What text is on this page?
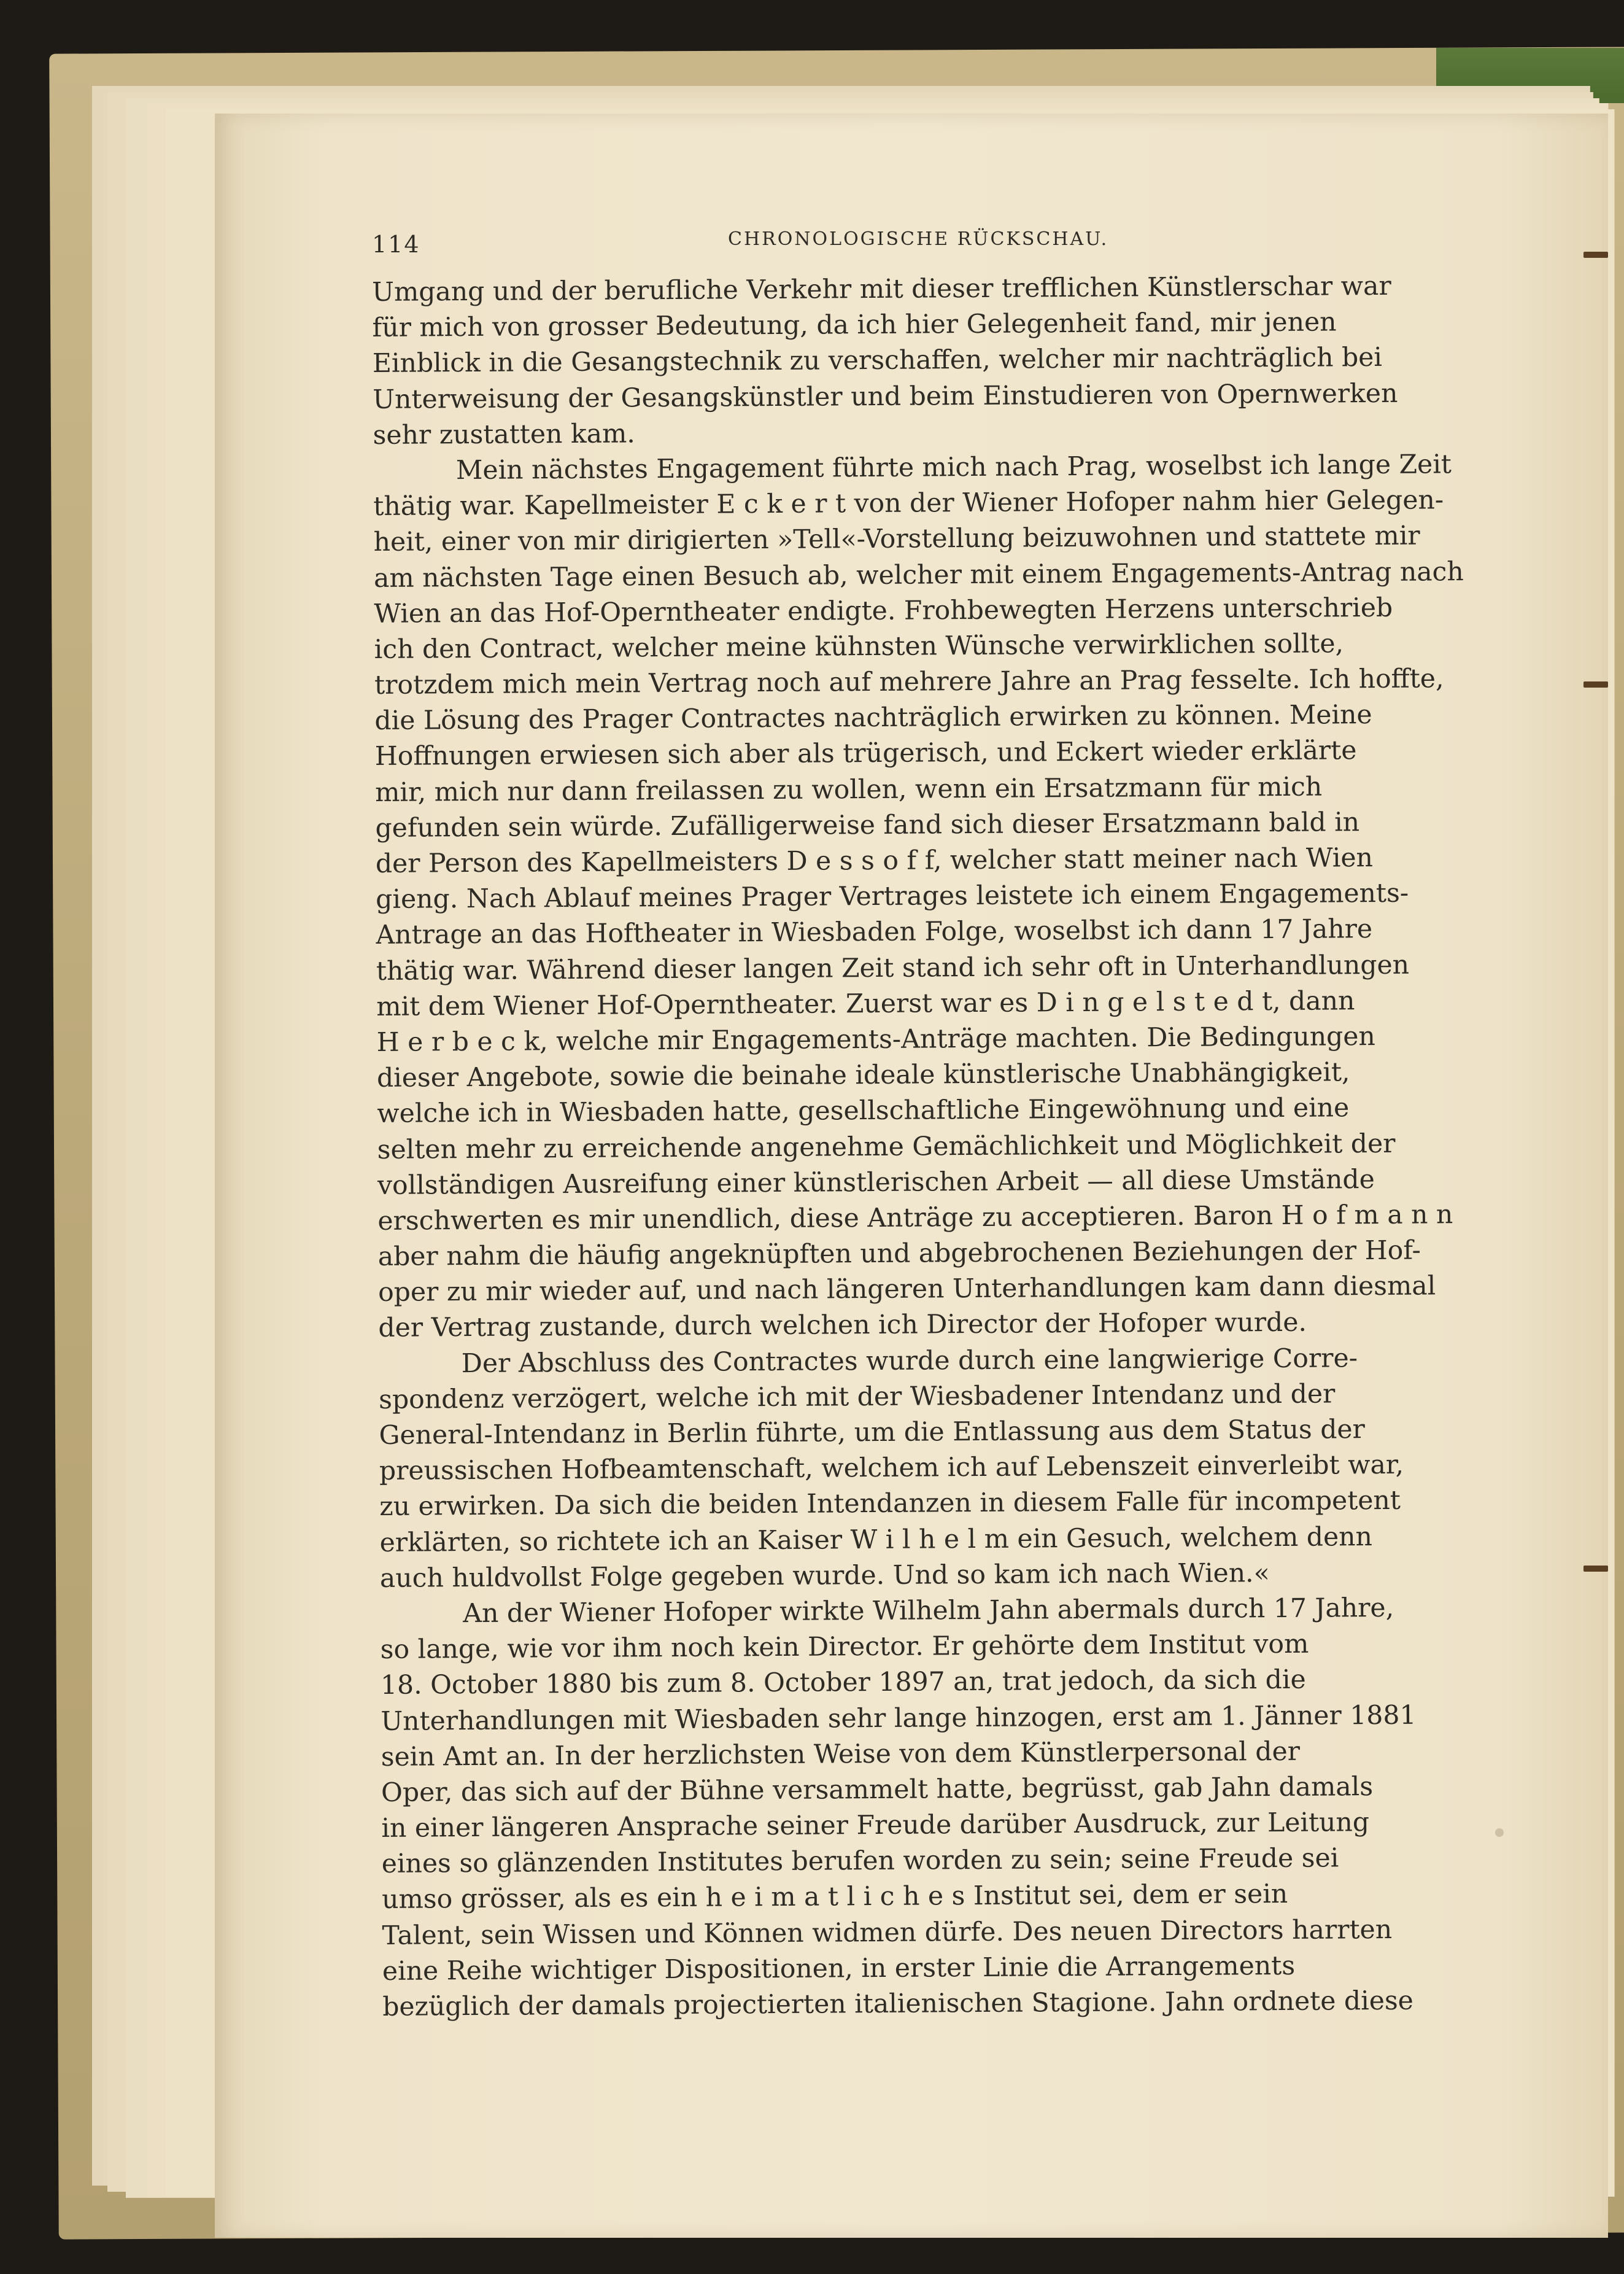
114	CHRONOLOGISCHE RÜCKSCHAU.
Umgang und der berufliche Verkehr mit dieser trefflichen Künstlerschar war
für mich von grosser Bedeutung, da ich hier Gelegenheit fand, mir jenen
Einblick in die Gesangstechnik zu verschaffen, welcher mir nachträglich bei
Unterweisung der Gesangskünstler und beim Einstudieren von Opernwerken
sehr zustatten kam.
Mein nächstes Engagement führte mich nach Prag, woselbst ich lange Zeit
thätig war. Kapellmeister E c k e r t von der Wiener Hofoper nahm hier Gelegen-
heit, einer von mir dirigierten »Tell«-Vorstellung beizuwohnen und stattete mir
am nächsten Tage einen Besuch ab, welcher mit einem Engagements-Antrag nach
Wien an das Hof-Operntheater endigte. Frohbewegten Herzens unterschrieb
ich den Contract, welcher meine kühnsten Wünsche verwirklichen sollte,
trotzdem mich mein Vertrag noch auf mehrere Jahre an Prag fesselte. Ich hoffte,
die Lösung des Prager Contractes nachträglich erwirken zu können. Meine
Hoffnungen erwiesen sich aber als trügerisch, und Eckert wieder erklärte
mir, mich nur dann freilassen zu wollen, wenn ein Ersatzmann für mich
gefunden sein würde. Zufälligerweise fand sich dieser Ersatzmann bald in
der Person des Kapellmeisters D e s s o f f, welcher statt meiner nach Wien
gieng. Nach Ablauf meines Prager Vertrages leistete ich einem Engagements-
Antrage an das Hoftheater in Wiesbaden Folge, woselbst ich dann 17 Jahre
thätig war. Während dieser langen Zeit stand ich sehr oft in Unterhandlungen
mit dem Wiener Hof-Operntheater. Zuerst war es D i n g e l s t e d t, dann
H e r b e c k, welche mir Engagements-Anträge machten. Die Bedingungen
dieser Angebote, sowie die beinahe ideale künstlerische Unabhängigkeit,
welche ich in Wiesbaden hatte, gesellschaftliche Eingewöhnung und eine
selten mehr zu erreichende angenehme Gemächlichkeit und Möglichkeit der
vollständigen Ausreifung einer künstlerischen Arbeit — all diese Umstände
erschwerten es mir unendlich, diese Anträge zu acceptieren. Baron H o f m a n n
aber nahm die häufig angeknüpften und abgebrochenen Beziehungen der Hof-
oper zu mir wieder auf, und nach längeren Unterhandlungen kam dann diesmal
der Vertrag zustande, durch welchen ich Director der Hofoper wurde.
Der Abschluss des Contractes wurde durch eine langwierige Corre-
spondenz verzögert, welche ich mit der Wiesbadener Intendanz und der
General-Intendanz in Berlin führte, um die Entlassung aus dem Status der
preussischen Hofbeamtenschaft, welchem ich auf Lebenszeit einverleibt war,
zu erwirken. Da sich die beiden Intendanzen in diesem Falle für incompetent
erklärten, so richtete ich an Kaiser W i l h e l m ein Gesuch, welchem denn
auch huldvollst Folge gegeben wurde. Und so kam ich nach Wien.«
An der Wiener Hofoper wirkte Wilhelm Jahn abermals durch 17 Jahre,
so lange, wie vor ihm noch kein Director. Er gehörte dem Institut vom
18. October 1880 bis zum 8. October 1897 an, trat jedoch, da sich die
Unterhandlungen mit Wiesbaden sehr lange hinzogen, erst am 1. Jänner 1881
sein Amt an. In der herzlichsten Weise von dem Künstlerpersonal der
Oper, das sich auf der Bühne versammelt hatte, begrüsst, gab Jahn damals
in einer längeren Ansprache seiner Freude darüber Ausdruck, zur Leitung
eines so glänzenden Institutes berufen worden zu sein; seine Freude sei
umso grösser, als es ein h e i m a t l i c h e s Institut sei, dem er sein
Talent, sein Wissen und Können widmen dürfe. Des neuen Directors harrten
eine Reihe wichtiger Dispositionen, in erster Linie die Arrangements
bezüglich der damals projectierten italienischen Stagione. Jahn ordnete diese
